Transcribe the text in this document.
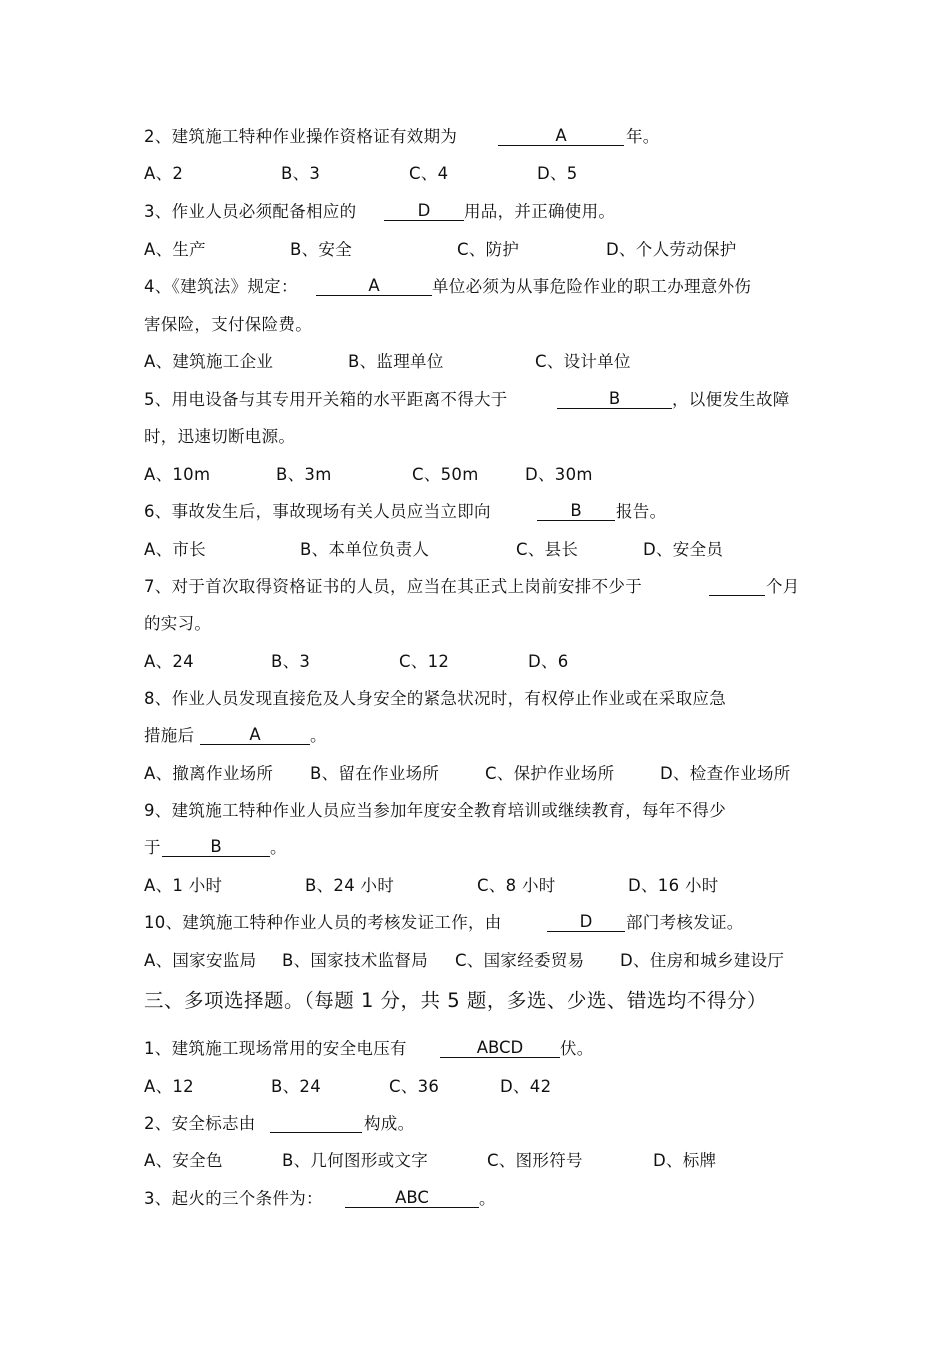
2、建筑施工特种作业操作资格证有效期为	A	年。
A、2	B、3	C、4	D、5
3、作业人员必须配备相应的	D	用品，并正确使用。
A、生产	B、安全	C、防护	D、个人劳动保护
4、《建筑法》规定：	A	单位必须为从事危险作业的职工办理意外伤
害保险，支付保险费。
A、建筑施工企业	B、监理单位	C、设计单位
5、用电设备与其专用开关箱的水平距离不得大于	B	，以便发生故障
时，迅速切断电源。
A、10m	B、3m	C、50m	D、30m
6、事故发生后，事故现场有关人员应当立即向	B	报告。
A、市长	B、本单位负责人	C、县长	D、安全员
7、对于首次取得资格证书的人员，应当在其正式上岗前安排不少于	个月
的实习。
A、24	B、3	C、12	D、6
8、作业人员发现直接危及人身安全的紧急状况时，有权停止作业或在采取应急
措施后	A	。
A、撤离作业场所 B、留在作业场所	C、保护作业场所	D、检查作业场所
9、建筑施工特种作业人员应当参加年度安全教育培训或继续教育，每年不得少
于	B	。
A、1 小时	B、24 小时	C、8 小时	D、16 小时
10、建筑施工特种作业人员的考核发证工作，由	D	部门考核发证。
A、国家安监局 B、国家技术监督局 C、国家经委贸易 D、住房和城乡建设厅
三、多项选择题。（每题 1 分，共 5 题，多选、少选、错选均不得分）
1、建筑施工现场常用的安全电压有	ABCD	伏。
A、12	B、24	C、36	D、42
2、安全标志由	构成。
A、安全色	B、几何图形或文字	C、图形符号	D、标牌
3、起火的三个条件为：	ABC	。
